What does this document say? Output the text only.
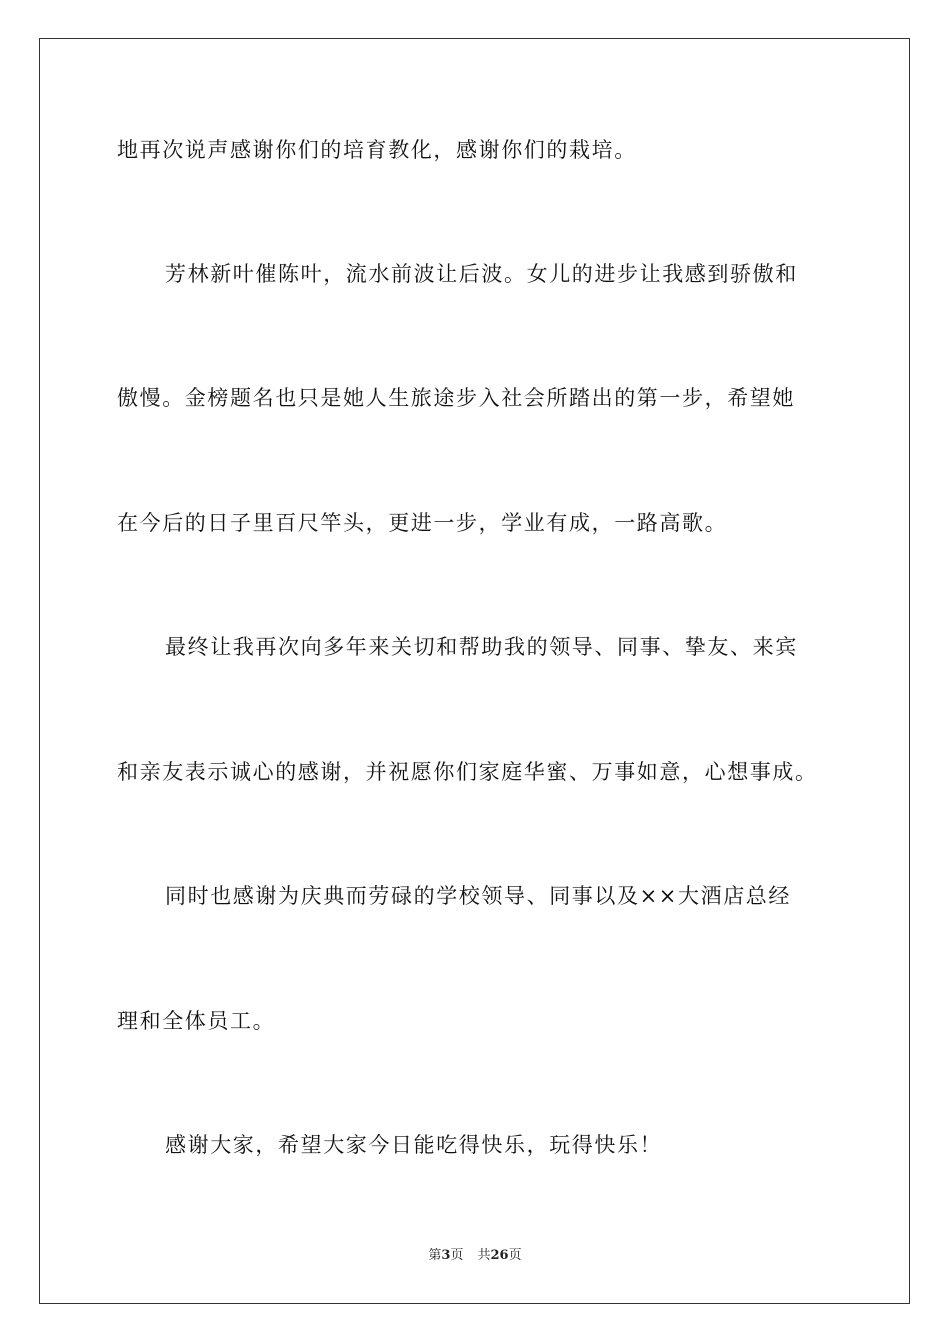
地再次说声感谢你们的培育教化，感谢你们的栽培。
芳林新叶催陈叶，流水前波让后波。女儿的进步让我感到骄傲和
傲慢。金榜题名也只是她人生旅途步入社会所踏出的第一步，希望她
在今后的日子里百尺竿头，更进一步，学业有成，一路高歌。
最终让我再次向多年来关切和帮助我的领导、同事、挚友、来宾
和亲友表示诚心的感谢，并祝愿你们家庭华蜜、万事如意，心想事成。
同时也感谢为庆典而劳碌的学校领导、同事以及××大酒店总经
理和全体员工。
感谢大家，希望大家今日能吃得快乐，玩得快乐！
第3页 共26页
